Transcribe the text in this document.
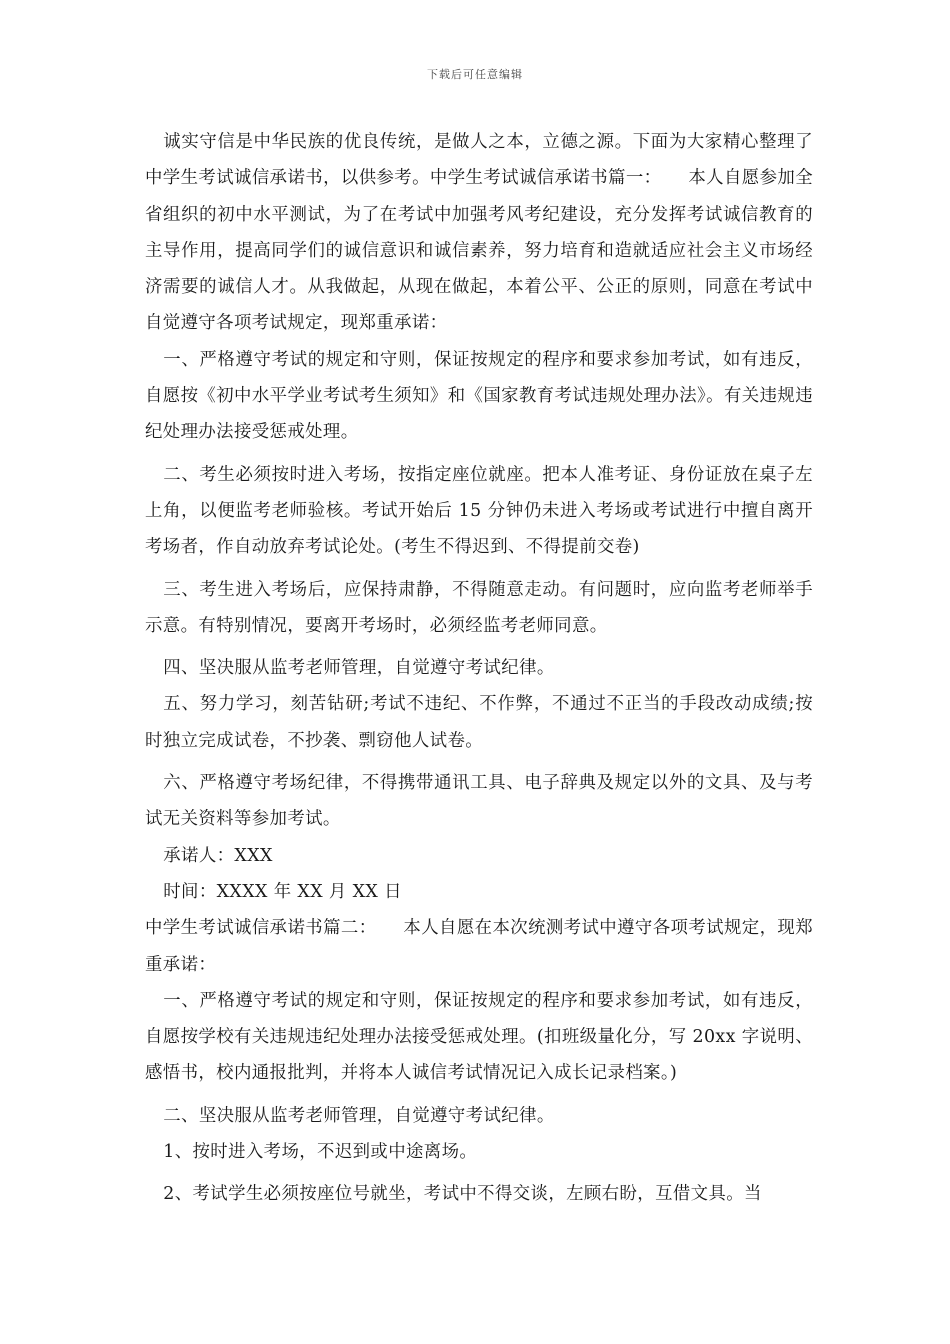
下载后可任意编辑

诚实守信是中华民族的优良传统，是做人之本，立德之源。下面为大家精心整理了中学生考试诚信承诺书，以供参考。中学生考试诚信承诺书篇一：　　本人自愿参加全省组织的初中水平测试，为了在考试中加强考风考纪建设，充分发挥考试诚信教育的主导作用，提高同学们的诚信意识和诚信素养，努力培育和造就适应社会主义市场经济需要的诚信人才。从我做起，从现在做起，本着公平、公正的原则，同意在考试中自觉遵守各项考试规定，现郑重承诺：

一、严格遵守考试的规定和守则，保证按规定的程序和要求参加考试，如有违反，自愿按《初中水平学业考试考生须知》和《国家教育考试违规处理办法》。有关违规违纪处理办法接受惩戒处理。

二、考生必须按时进入考场，按指定座位就座。把本人准考证、身份证放在桌子左上角，以便监考老师验核。考试开始后 15 分钟仍未进入考场或考试进行中擅自离开考场者，作自动放弃考试论处。(考生不得迟到、不得提前交卷)

三、考生进入考场后，应保持肃静，不得随意走动。有问题时，应向监考老师举手示意。有特别情况，要离开考场时，必须经监考老师同意。

四、坚决服从监考老师管理，自觉遵守考试纪律。

五、努力学习，刻苦钻研;考试不违纪、不作弊，不通过不正当的手段改动成绩;按时独立完成试卷，不抄袭、剽窃他人试卷。

六、严格遵守考场纪律，不得携带通讯工具、电子辞典及规定以外的文具、及与考试无关资料等参加考试。

承诺人：XXX

时间：XXXX 年 XX 月 XX 日

中学生考试诚信承诺书篇二：　　本人自愿在本次统测考试中遵守各项考试规定，现郑重承诺：

一、严格遵守考试的规定和守则，保证按规定的程序和要求参加考试，如有违反，自愿按学校有关违规违纪处理办法接受惩戒处理。(扣班级量化分，写 20xx 字说明、感悟书，校内通报批判，并将本人诚信考试情况记入成长记录档案。)

二、坚决服从监考老师管理，自觉遵守考试纪律。

1、按时进入考场，不迟到或中途离场。

2、考试学生必须按座位号就坐，考试中不得交谈，左顾右盼，互借文具。当
